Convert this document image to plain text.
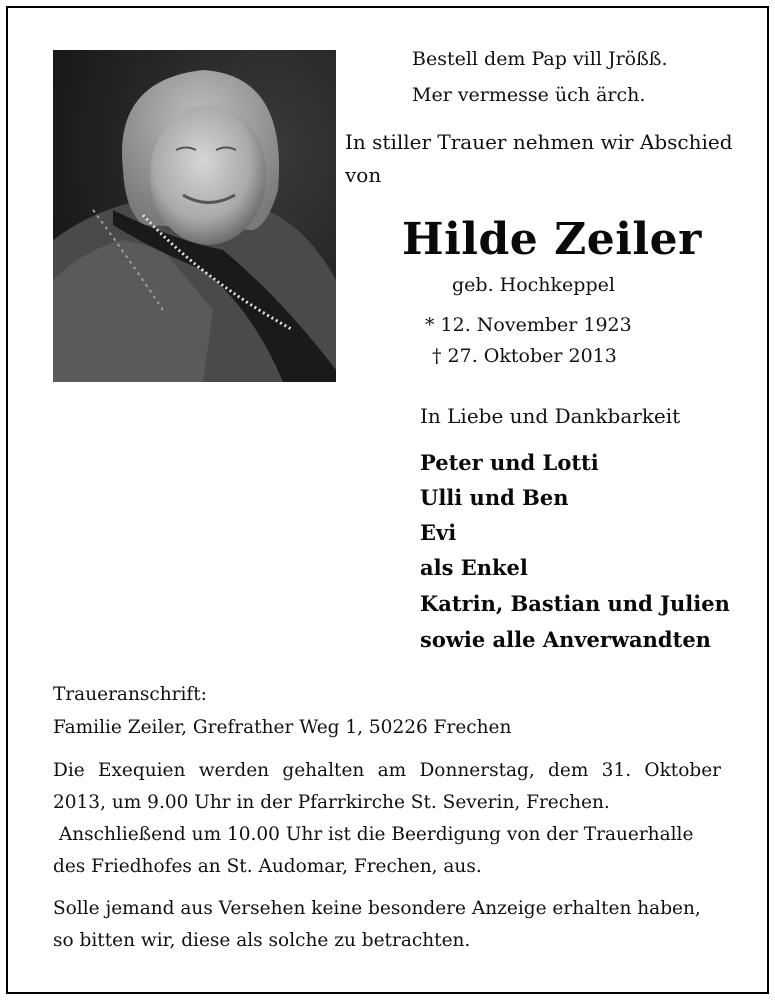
Bestell dem Pap vill Jrößß.
Mer vermesse üch ärch.
In stiller Trauer nehmen wir Abschied
von
Hilde Zeiler
geb. Hochkeppel
* 12. November 1923
† 27. Oktober 2013
In Liebe und Dankbarkeit
Peter und Lotti
Ulli und Ben
Evi
als Enkel
Katrin, Bastian und Julien
sowie alle Anverwandten
Traueranschrift:
Familie Zeiler, Grefrather Weg 1, 50226 Frechen
Die Exequien werden gehalten am Donnerstag, dem 31. Oktober
2013, um 9.00 Uhr in der Pfarrkirche St. Severin, Frechen.
Anschließend um 10.00 Uhr ist die Beerdigung von der Trauerhalle
des Friedhofes an St. Audomar, Frechen, aus.
Solle jemand aus Versehen keine besondere Anzeige erhalten haben,
so bitten wir, diese als solche zu betrachten.
